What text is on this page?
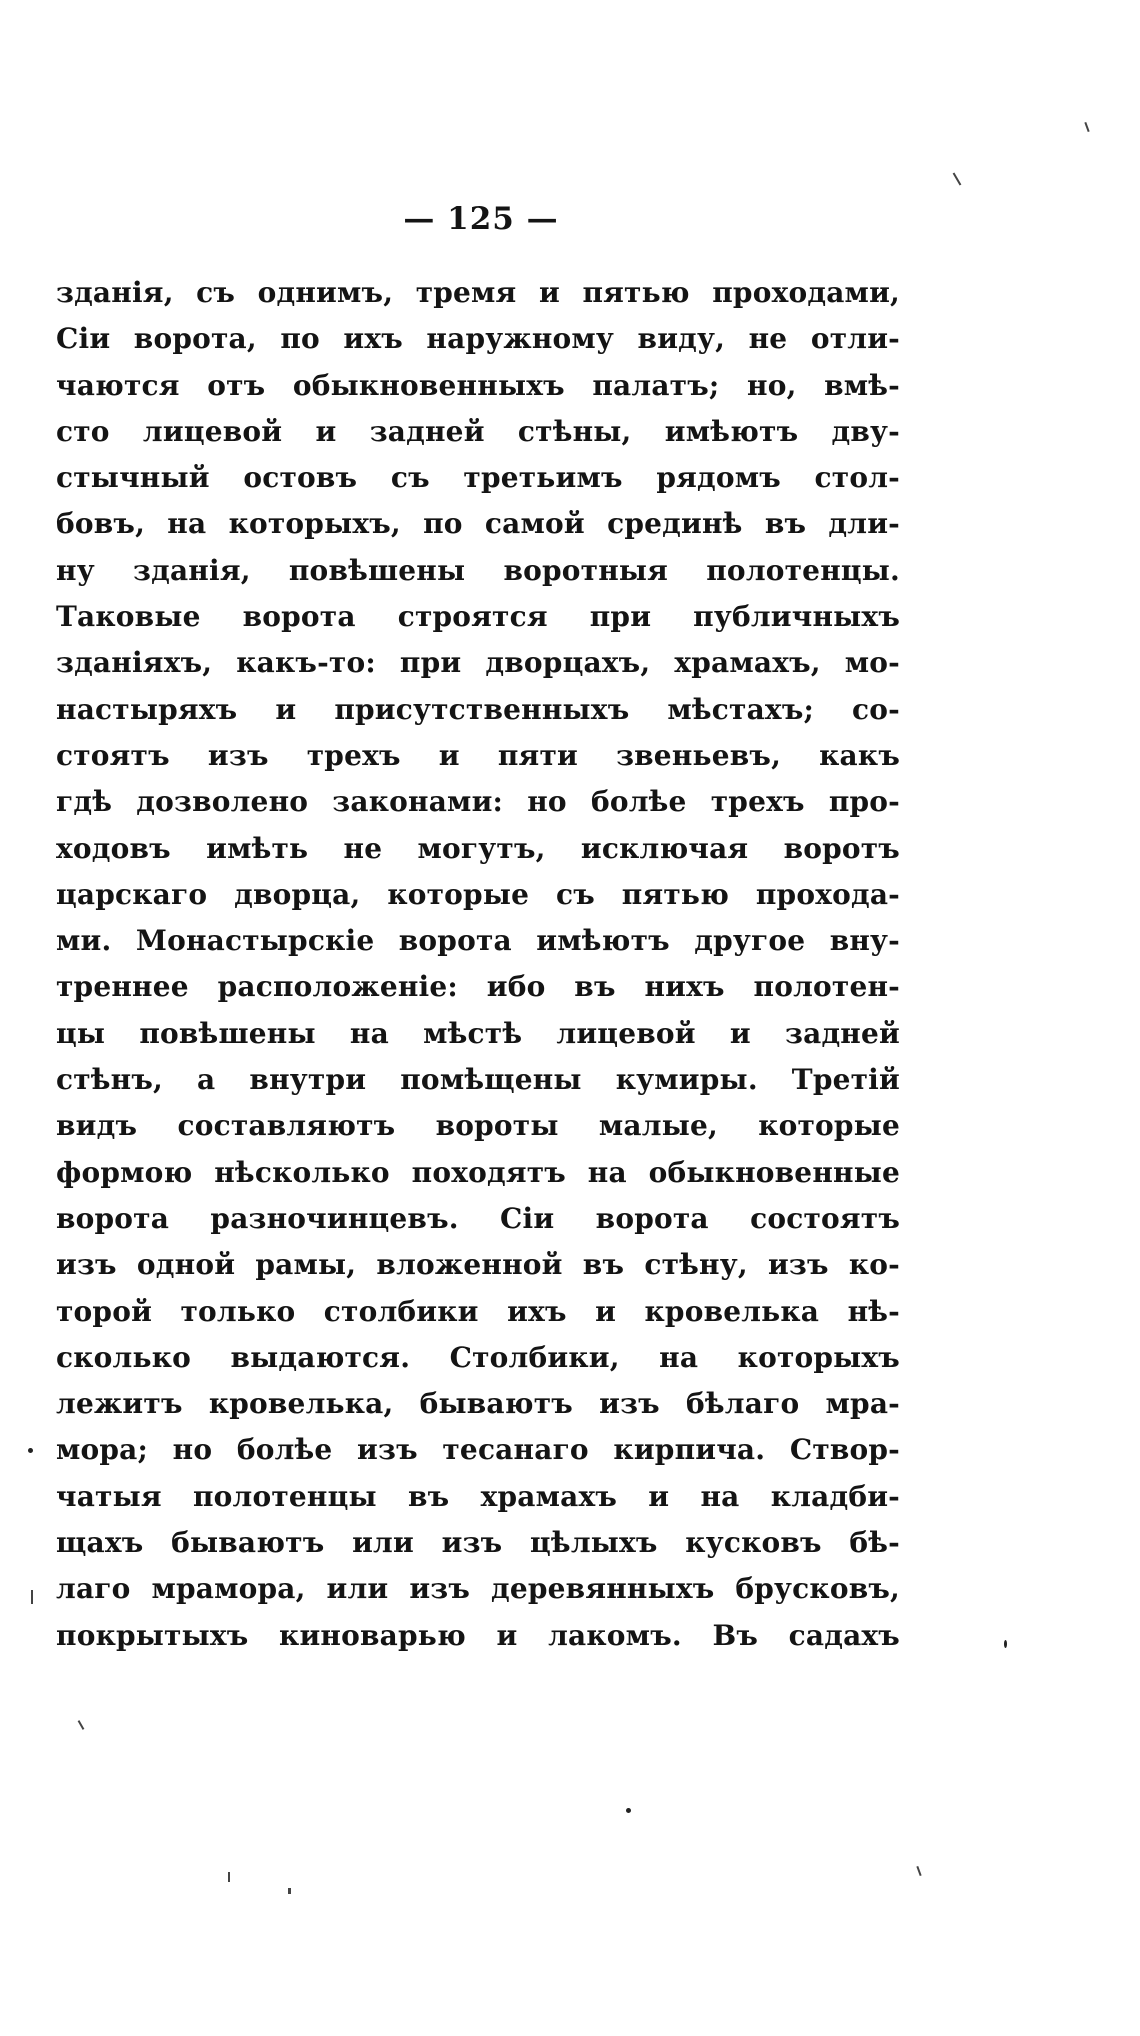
— 125 —
зданія, съ однимъ, тремя и пятью проходами,
Сіи ворота, по ихъ наружному виду, не отли-
чаются отъ обыкновенныхъ палатъ; но, вмѣ-
сто лицевой и задней стѣны, имѣютъ дву-
стычный остовъ съ третьимъ рядомъ стол-
бовъ, на которыхъ, по самой срединѣ въ дли-
ну зданія, повѣшены воротныя полотенцы.
Таковые ворота строятся при публичныхъ
зданіяхъ, какъ-то: при дворцахъ, храмахъ, мо-
настыряхъ и присутственныхъ мѣстахъ; со-
стоятъ изъ трехъ и пяти звеньевъ, какъ
гдѣ дозволено законами: но болѣе трехъ про-
ходовъ имѣть не могутъ, исключая воротъ
царскаго дворца, которые съ пятью прохода-
ми. Монастырскіе ворота имѣютъ другое вну-
треннее расположеніе: ибо въ нихъ полотен-
цы повѣшены на мѣстѣ лицевой и задней
стѣнъ, а внутри помѣщены кумиры. Третій
видъ составляютъ вороты малые, которые
формою нѣсколько походятъ на обыкновенные
ворота разночинцевъ. Сіи ворота состоятъ
изъ одной рамы, вложенной въ стѣну, изъ ко-
торой только столбики ихъ и кровелька нѣ-
сколько выдаются. Столбики, на которыхъ
лежитъ кровелька, бываютъ изъ бѣлаго мра-
мора; но болѣе изъ тесанаго кирпича. Створ-
чатыя полотенцы въ храмахъ и на кладби-
щахъ бываютъ или изъ цѣлыхъ кусковъ бѣ-
лаго мрамора, или изъ деревянныхъ брусковъ,
покрытыхъ киноварью и лакомъ. Въ садахъ
